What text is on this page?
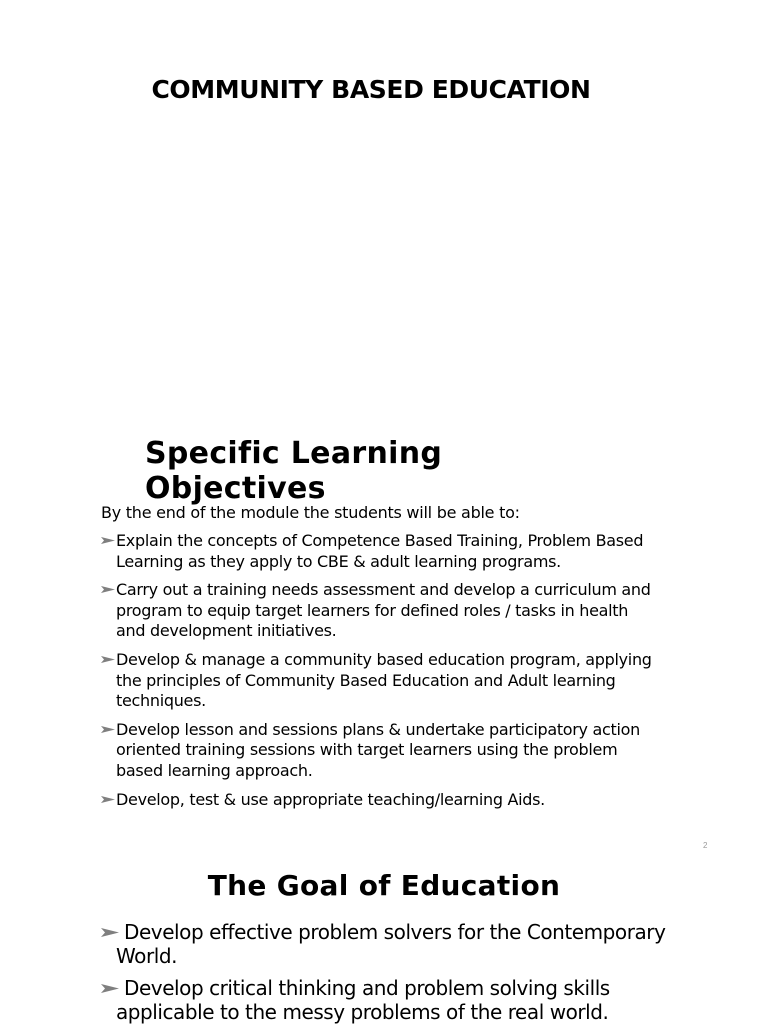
COMMUNITY BASED EDUCATION
Specific Learning Objectives
By the end of the module the students will be able to:
Explain the concepts of Competence Based Training, Problem Based Learning as they apply to CBE & adult learning programs.
Carry out a training needs assessment and develop a curriculum and program to equip target learners for defined roles / tasks in health and development initiatives.
Develop & manage a community based education program, applying the principles of Community Based Education and Adult learning techniques.
Develop lesson and sessions plans & undertake participatory action oriented training sessions with target learners using the problem based learning approach.
Develop, test & use appropriate teaching/learning Aids.
2
The Goal of Education
Develop effective problem solvers for the Contemporary World.
Develop critical thinking and problem solving skills applicable to the messy problems of the real world.
